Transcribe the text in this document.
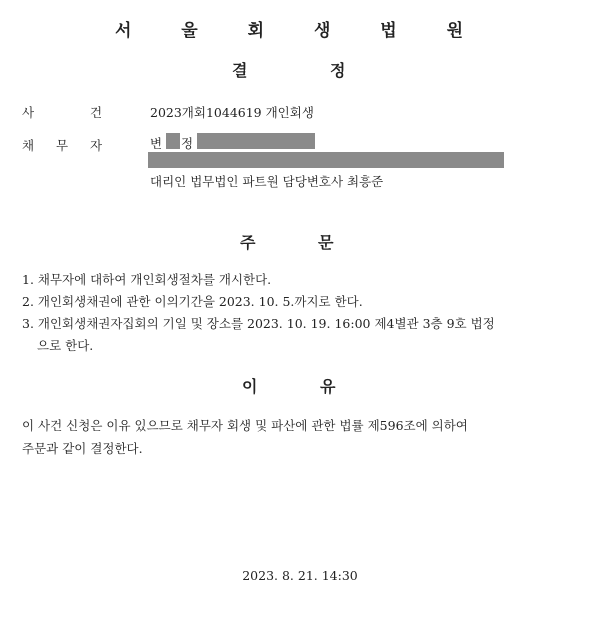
서 울 회 생 법 원
결	정
사	건	2023개회1044619 개인회생
채 무 자	변 정
대리인 법무법인 파트원 담당변호사 최흥준
주	문
1. 채무자에 대하여 개인회생절차를 개시한다.
2. 개인회생채권에 관한 이의기간을 2023. 10. 5.까지로 한다.
3. 개인회생채권자집회의 기일 및 장소를 2023. 10. 19. 16:00 제4별관 3층 9호 법정
으로 한다.
이	유
이 사건 신청은 이유 있으므로 채무자 회생 및 파산에 관한 법률 제596조에 의하여
주문과 같이 결정한다.
2023. 8. 21. 14:30
